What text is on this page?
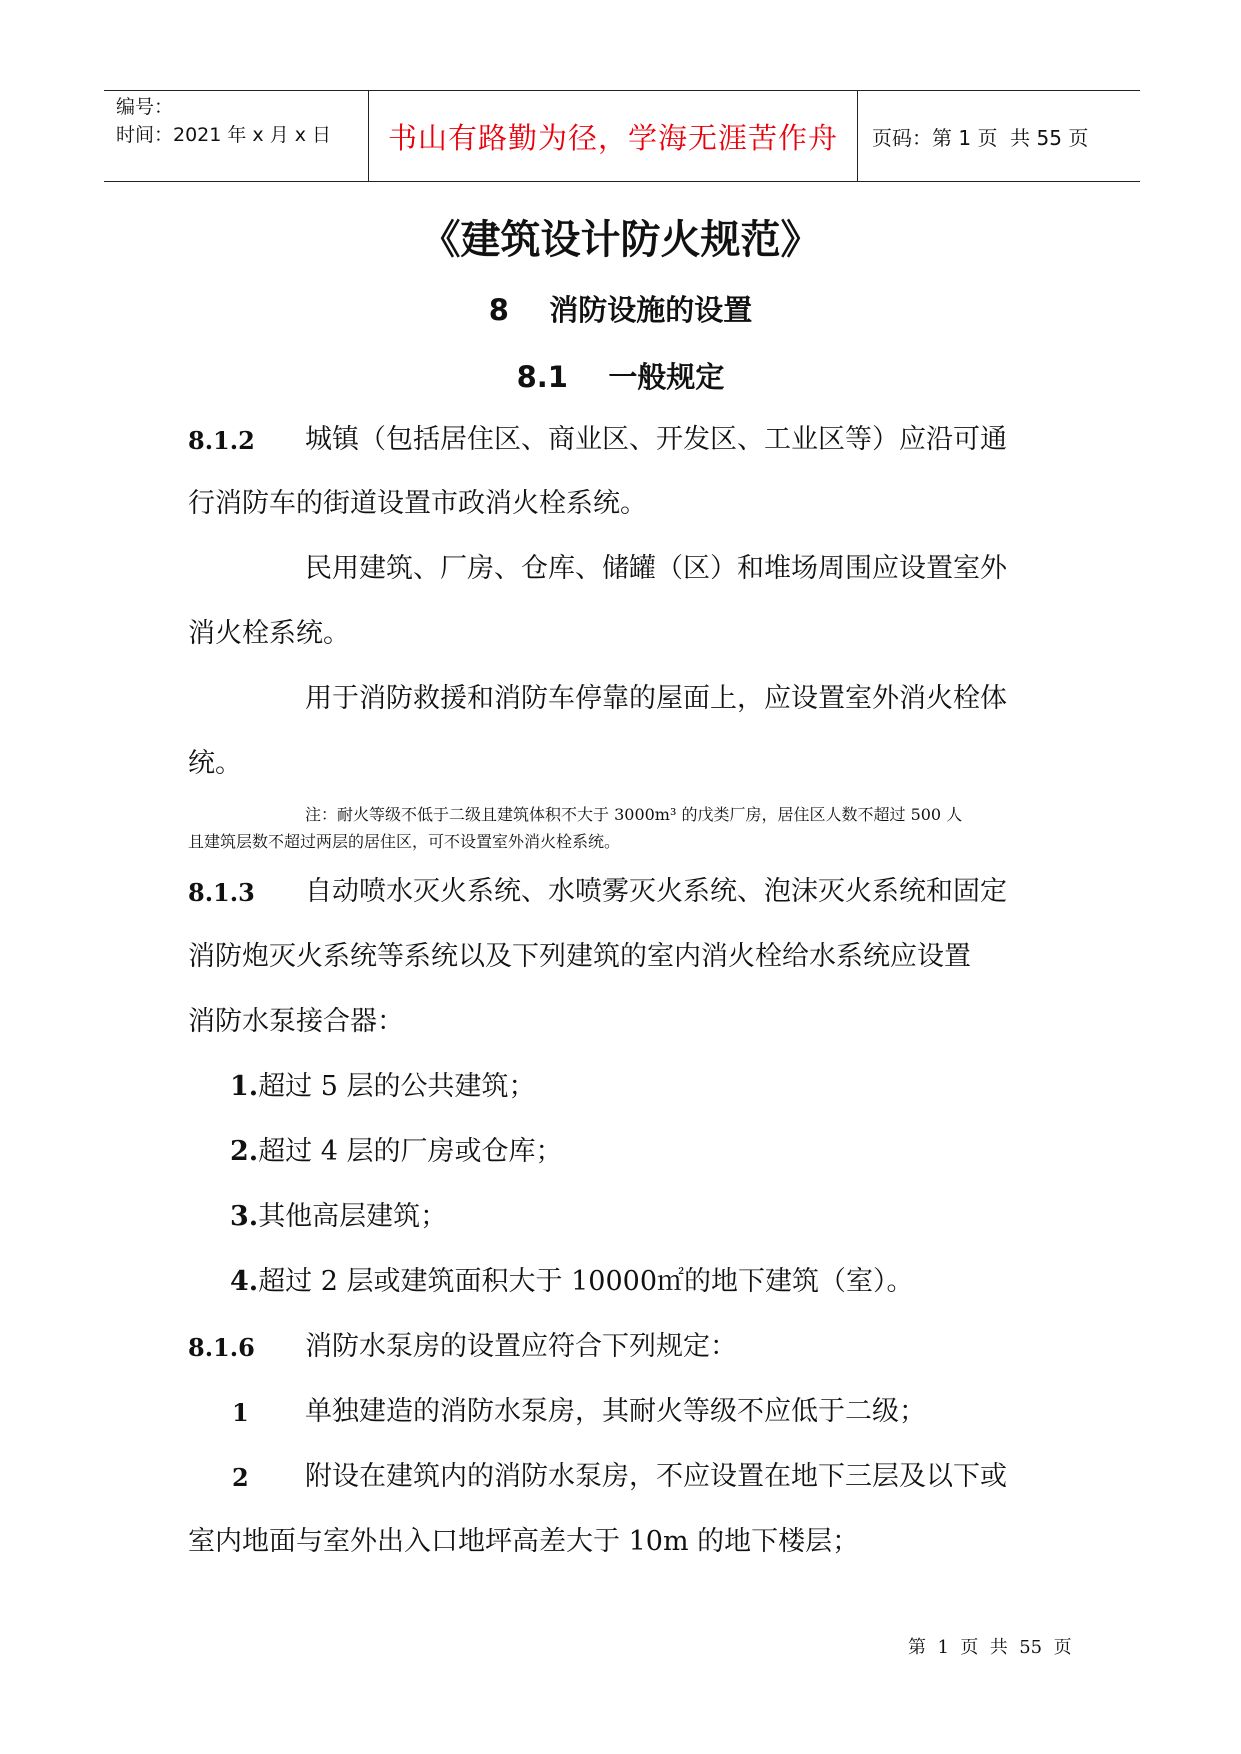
编号：
时间：2021 年 x 月 x 日	书山有路勤为径，学海无涯苦作舟	页码：第 1 页  共 55 页
《建筑设计防火规范》
8    消防设施的设置
8.1    一般规定
8.1.2 城镇（包括居住区、商业区、开发区、工业区等）应沿可通
行消防车的街道设置市政消火栓系统。
民用建筑、厂房、仓库、储罐（区）和堆场周围应设置室外
消火栓系统。
用于消防救援和消防车停靠的屋面上，应设置室外消火栓体
统。
注：耐火等级不低于二级且建筑体积不大于 3000m³ 的戊类厂房，居住区人数不超过 500 人
且建筑层数不超过两层的居住区，可不设置室外消火栓系统。
8.1.3 自动喷水灭火系统、水喷雾灭火系统、泡沫灭火系统和固定
消防炮灭火系统等系统以及下列建筑的室内消火栓给水系统应设置
消防水泵接合器：
1.超过 5 层的公共建筑；
2.超过 4 层的厂房或仓库；
3.其他高层建筑；
4.超过 2 层或建筑面积大于 10000㎡的地下建筑（室）。
8.1.6 消防水泵房的设置应符合下列规定：
1 单独建造的消防水泵房，其耐火等级不应低于二级；
2 附设在建筑内的消防水泵房，不应设置在地下三层及以下或
室内地面与室外出入口地坪高差大于 10m 的地下楼层；
第  1  页  共  55  页
